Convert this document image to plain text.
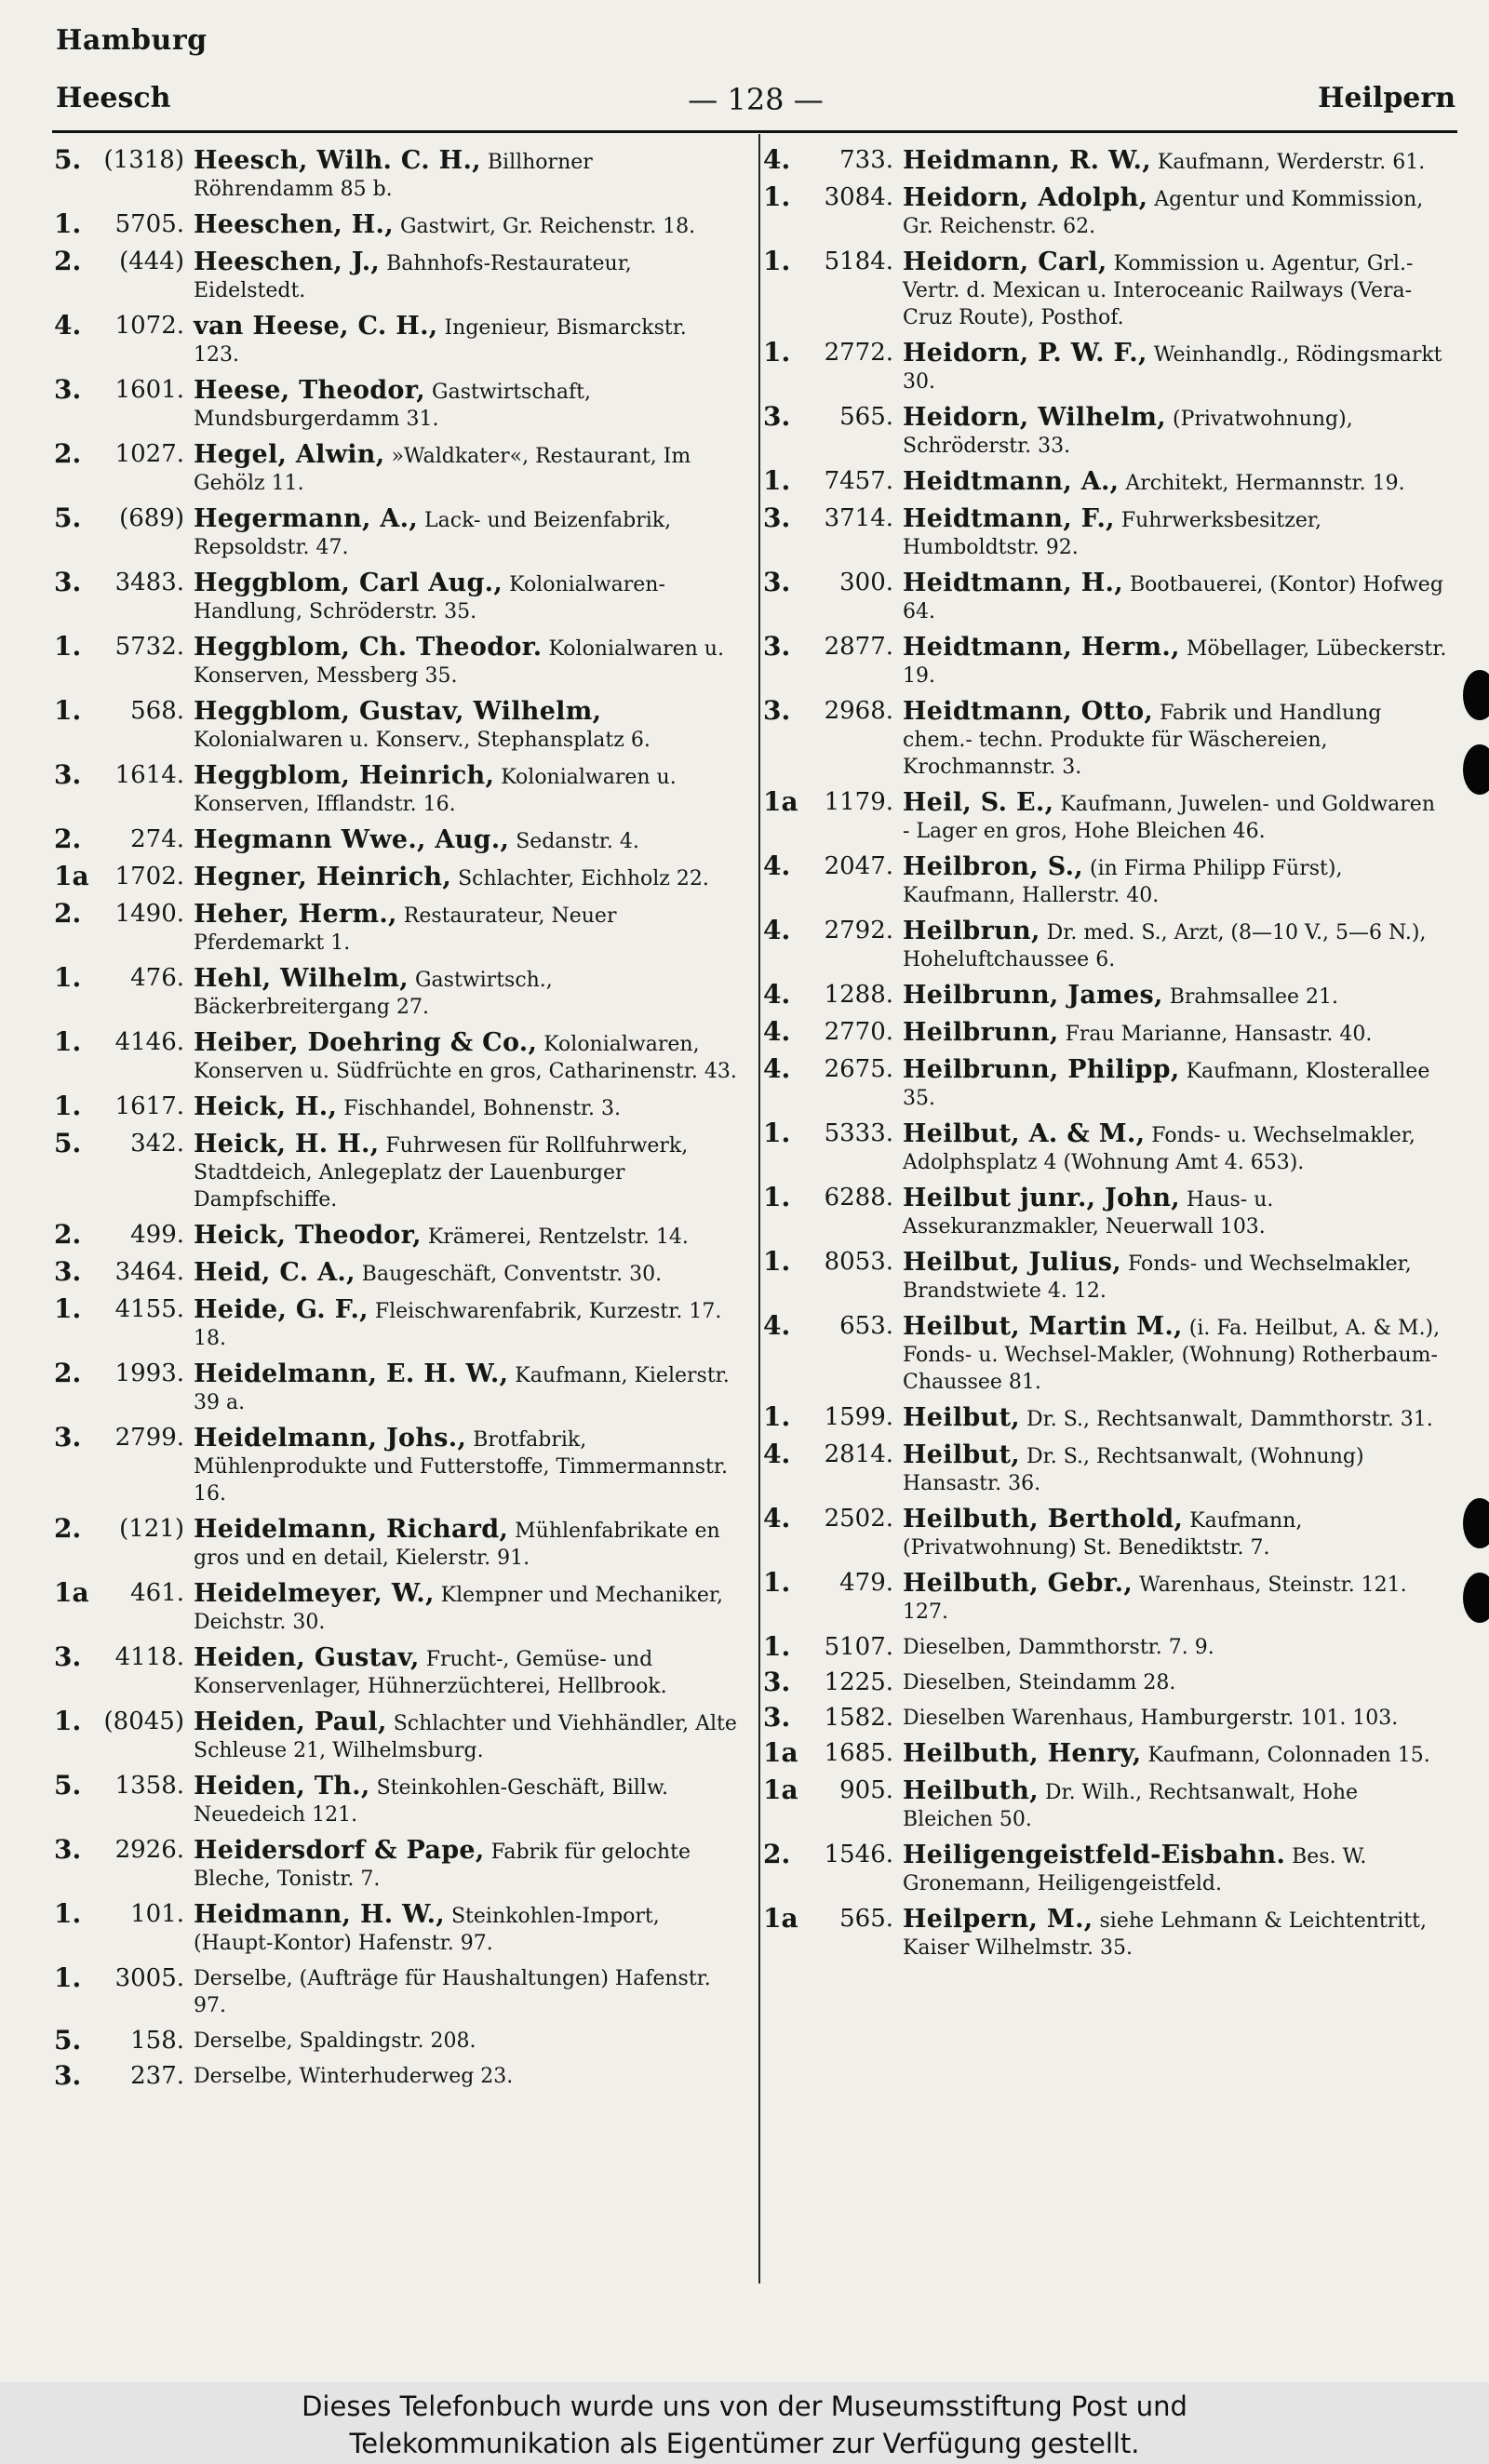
Hamburg
Heesch	— 128 —	Heilpern
5. (1318) Heesch, Wilh. C. H., Billhorner Röhrendamm 85 b.
1.	5705. Heeschen, H., Gastwirt, Gr. Reichenstr. 18.
2.	(444) Heeschen, J., Bahnhofs-Restaurateur, Eidelstedt.
4.	1072. van Heese, C. H., Ingenieur, Bismarckstr. 123.
3.	1601. Heese, Theodor, Gastwirtschaft, Mundsburgerdamm 31.
2.	1027. Hegel, Alwin, »Waldkater«, Restaurant, Im Gehölz 11.
5.	(689) Hegermann, A., Lack- und Beizenfabrik, Repsoldstr. 47.
3.	3483. Heggblom, Carl Aug., Kolonialwaren-Handlung, Schröderstr. 35.
1.	5732. Heggblom, Ch. Theodor. Kolonialwaren u. Konserven, Messberg 35.
1.	568. Heggblom, Gustav, Wilhelm, Kolonialwaren u. Konserv., Stephansplatz 6.
3.	1614. Heggblom, Heinrich, Kolonialwaren u. Konserven, Ifflandstr. 16.
2.	274. Hegmann Wwe., Aug., Sedanstr. 4.
1a	1702. Hegner, Heinrich, Schlachter, Eichholz 22.
2.	1490. Heher, Herm., Restaurateur, Neuer Pferdemarkt 1.
1.	476. Hehl, Wilhelm, Gastwirtsch., Bäckerbreitergang 27.
1.	4146. Heiber, Doehring & Co., Kolonialwaren, Konserven u. Südfrüchte en gros, Catharinenstr. 43.
1.	1617. Heick, H., Fischhandel, Bohnenstr. 3.
5.	342. Heick, H. H., Fuhrwesen für Rollfuhrwerk, Stadtdeich, Anlegeplatz der Lauenburger Dampfschiffe.
2.	499. Heick, Theodor, Krämerei, Rentzelstr. 14.
3.	3464. Heid, C. A., Baugeschäft, Conventstr. 30.
1.	4155. Heide, G. F., Fleischwarenfabrik, Kurzestr. 17. 18.
2.	1993. Heidelmann, E. H. W., Kaufmann, Kielerstr. 39 a.
3.	2799. Heidelmann, Johs., Brotfabrik, Mühlenprodukte und Futterstoffe, Timmermannstr. 16.
2.	(121) Heidelmann, Richard, Mühlenfabrikate en gros und en detail, Kielerstr. 91.
1a	461. Heidelmeyer, W., Klempner und Mechaniker, Deichstr. 30.
3.	4118. Heiden, Gustav, Frucht-, Gemüse- und Konservenlager, Hühnerzüchterei, Hellbrook.
1. (8045) Heiden, Paul, Schlachter und Viehhändler, Alte Schleuse 21, Wilhelmsburg.
5.	1358. Heiden, Th., Steinkohlen-Geschäft, Billw. Neuedeich 121.
3.	2926. Heidersdorf & Pape, Fabrik für gelochte Bleche, Tonistr. 7.
1.	101. Heidmann, H. W., Steinkohlen-Import, (Haupt-Kontor) Hafenstr. 97.
1.	3005. Derselbe, (Aufträge für Haushaltungen) Hafenstr. 97.
5.	158. Derselbe, Spaldingstr. 208.
3.	237. Derselbe, Winterhuderweg 23.
4.	733. Heidmann, R. W., Kaufmann, Werderstr. 61.
1.	3084. Heidorn, Adolph, Agentur und Kommission, Gr. Reichenstr. 62.
1.	5184. Heidorn, Carl, Kommission u. Agentur, Grl.-Vertr. d. Mexican u. Interoceanic Railways (Vera-Cruz Route), Posthof.
1.	2772. Heidorn, P. W. F., Weinhandlg., Rödingsmarkt 30.
3.	565. Heidorn, Wilhelm, (Privatwohnung), Schröderstr. 33.
1.	7457. Heidtmann, A., Architekt, Hermannstr. 19.
3.	3714. Heidtmann, F., Fuhrwerksbesitzer, Humboldtstr. 92.
3.	300. Heidtmann, H., Bootbauerei, (Kontor) Hofweg 64.
3.	2877. Heidtmann, Herm., Möbellager, Lübeckerstr. 19.
3.	2968. Heidtmann, Otto, Fabrik und Handlung chem.- techn. Produkte für Wäschereien, Krochmannstr. 3.
1a	1179. Heil, S. E., Kaufmann, Juwelen- und Goldwaren - Lager en gros, Hohe Bleichen 46.
4.	2047. Heilbron, S., (in Firma Philipp Fürst), Kaufmann, Hallerstr. 40.
4.	2792. Heilbrun, Dr. med. S., Arzt, (8—10 V., 5—6 N.), Hoheluftchaussee 6.
4.	1288. Heilbrunn, James, Brahmsallee 21.
4.	2770. Heilbrunn, Frau Marianne, Hansastr. 40.
4.	2675. Heilbrunn, Philipp, Kaufmann, Klosterallee 35.
1.	5333. Heilbut, A. & M., Fonds- u. Wechselmakler, Adolphsplatz 4 (Wohnung Amt 4. 653).
1.	6288. Heilbut junr., John, Haus- u. Assekuranzmakler, Neuerwall 103.
1.	8053. Heilbut, Julius, Fonds- und Wechselmakler, Brandstwiete 4. 12.
4.	653. Heilbut, Martin M., (i. Fa. Heilbut, A. & M.), Fonds- u. Wechsel-Makler, (Wohnung) Rotherbaum-Chaussee 81.
1.	1599. Heilbut, Dr. S., Rechtsanwalt, Dammthorstr. 31.
4.	2814. Heilbut, Dr. S., Rechtsanwalt, (Wohnung) Hansastr. 36.
4.	2502. Heilbuth, Berthold, Kaufmann, (Privatwohnung) St. Benediktstr. 7.
1.	479. Heilbuth, Gebr., Warenhaus, Steinstr. 121. 127.
1.	5107. Dieselben, Dammthorstr. 7. 9.
3.	1225. Dieselben, Steindamm 28.
3.	1582. Dieselben Warenhaus, Hamburgerstr. 101. 103.
1a	1685. Heilbuth, Henry, Kaufmann, Colonnaden 15.
1a	905. Heilbuth, Dr. Wilh., Rechtsanwalt, Hohe Bleichen 50.
2.	1546. Heiligengeistfeld-Eisbahn. Bes. W. Gronemann, Heiligengeistfeld.
1a	565. Heilpern, M., siehe Lehmann & Leichtentritt, Kaiser Wilhelmstr. 35.
Dieses Telefonbuch wurde uns von der Museumsstiftung Post und
Telekommunikation als Eigentümer zur Verfügung gestellt.
